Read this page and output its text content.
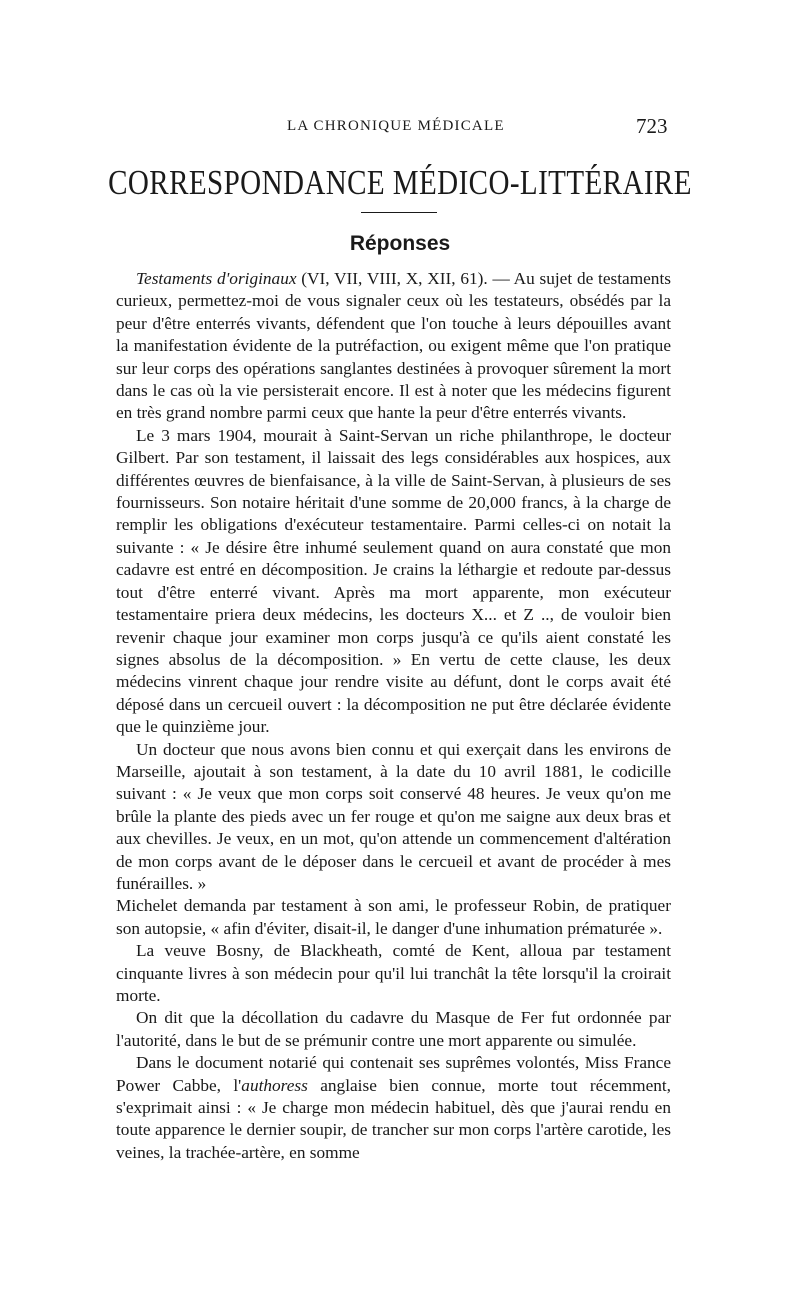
LA CHRONIQUE MÉDICALE	723
CORRESPONDANCE MÉDICO-LITTÉRAIRE
Réponses

Testaments d'originaux (VI, VII, VIII, X, XII, 61). — Au sujet de testaments curieux, permettez-moi de vous signaler ceux où les testateurs, obsédés par la peur d'être enterrés vivants, défendent que l'on touche à leurs dépouilles avant la manifestation évidente de la putréfaction, ou exigent même que l'on pratique sur leur corps des opérations sanglantes destinées à provoquer sûrement la mort dans le cas où la vie persisterait encore. Il est à noter que les médecins figurent en très grand nombre parmi ceux que hante la peur d'être enterrés vivants.

Le 3 mars 1904, mourait à Saint-Servan un riche philanthrope, le docteur Gilbert. Par son testament, il laissait des legs considérables aux hospices, aux différentes œuvres de bienfaisance, à la ville de Saint-Servan, à plusieurs de ses fournisseurs. Son notaire héritait d'une somme de 20,000 francs, à la charge de remplir les obligations d'exécuteur testamentaire. Parmi celles-ci on notait la suivante : « Je désire être inhumé seulement quand on aura constaté que mon cadavre est entré en décomposition. Je crains la léthargie et redoute par-dessus tout d'être enterré vivant. Après ma mort apparente, mon exécuteur testamentaire priera deux médecins, les docteurs X... et Z .., de vouloir bien revenir chaque jour examiner mon corps jusqu'à ce qu'ils aient constaté les signes absolus de la décomposition. » En vertu de cette clause, les deux médecins vinrent chaque jour rendre visite au défunt, dont le corps avait été déposé dans un cercueil ouvert : la décomposition ne put être déclarée évidente que le quinzième jour.

Un docteur que nous avons bien connu et qui exerçait dans les environs de Marseille, ajoutait à son testament, à la date du 10 avril 1881, le codicille suivant : « Je veux que mon corps soit conservé 48 heures. Je veux qu'on me brûle la plante des pieds avec un fer rouge et qu'on me saigne aux deux bras et aux chevilles. Je veux, en un mot, qu'on attende un commencement d'altération de mon corps avant de le déposer dans le cercueil et avant de procéder à mes funérailles. »

Michelet demanda par testament à son ami, le professeur Robin, de pratiquer son autopsie, « afin d'éviter, disait-il, le danger d'une inhumation prématurée ».

La veuve Bosny, de Blackheath, comté de Kent, alloua par testament cinquante livres à son médecin pour qu'il lui tranchât la tête lorsqu'il la croirait morte.

On dit que la décollation du cadavre du Masque de Fer fut ordonnée par l'autorité, dans le but de se prémunir contre une mort apparente ou simulée.

Dans le document notarié qui contenait ses suprêmes volontés, Miss France Power Cabbe, l'authoress anglaise bien connue, morte tout récemment, s'exprimait ainsi : « Je charge mon médecin habituel, dès que j'aurai rendu en toute apparence le dernier soupir, de trancher sur mon corps l'artère carotide, les veines, la trachée-artère, en somme
